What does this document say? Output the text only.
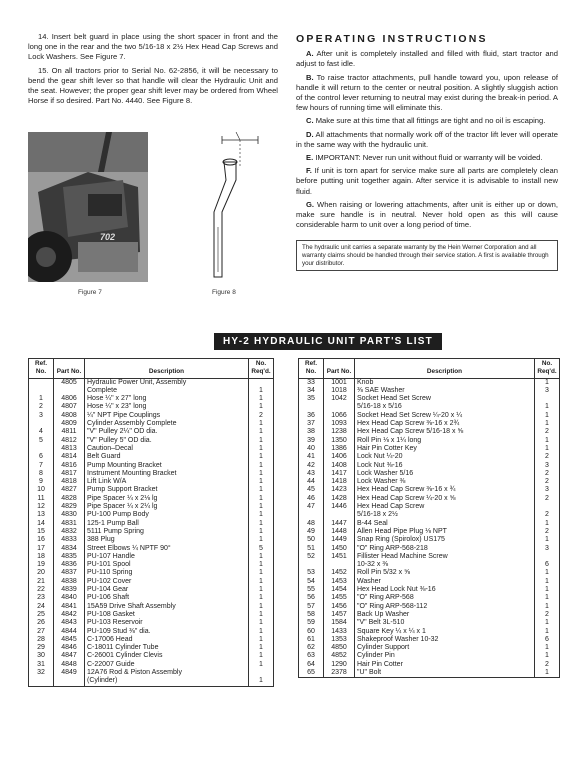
14. Insert belt guard in place using the short spacer in front and the long one in the rear and the two 5/16-18 x 2½ Hex Head Cap Screws and Lock Washers. See Figure 7.

15. On all tractors prior to Serial No. 62-2856, it will be necessary to bend the gear shift lever so that handle will clear the Hydraulic Unit and the seat. However; the proper gear shift lever may be ordered from Wheel Horse if so desired. Part No. 4440. See Figure 8.

702
Figure 7	Figure 8
OPERATING INSTRUCTIONS

A. After unit is completely installed and filled with fluid, start tractor and adjust to fast idle.

B. To raise tractor attachments, pull handle toward you, upon release of handle it will return to the center or neutral position. A slightly sluggish action of the control lever returning to neutral may exist during the break-in period. A few hours of running time will eliminate this.

C. Make sure at this time that all fittings are tight and no oil is escaping.

D. All attachments that normally work off of the tractor lift lever will operate in the same way with the hydraulic unit.

E. IMPORTANT: Never run unit without fluid or warranty will be voided.

F. If unit is torn apart for service make sure all parts are completely clean before putting unit together again. After service it is advisable to install new fluid.

G. When raising or lowering attachments, after unit is either up or down, make sure handle is in neutral. Never hold open as this will cause considerable harm to unit over a long period of time.

The hydraulic unit carries a separate warranty by the Hein Werner Corporation and all warranty claims should be handled through their service station. A first is available through your distributor.
HY-2 HYDRAULIC UNIT PART'S LIST
Ref. No.	Part No.	Description	No. Req'd.
	4805	Hydraulic Power Unit, Assembly	
		Complete	1
1	4806	Hose ¼" x 27" long	1
2	4807	Hose ¼" x 23" long	1
3	4808	¼" NPT Pipe Couplings	2
	4809	Cylinder Assembly Complete	1
4	4811	"V" Pulley 2¼" OD dia.	1
5	4812	"V" Pulley 5" OD dia.	1
	4813	Caution–Decal	1
6	4814	Belt Guard	1
7	4816	Pump Mounting Bracket	1
8	4817	Instrument Mounting Bracket	1
9	4818	Lift Link W/A	1
10	4827	Pump Support Bracket	1
11	4828	Pipe Spacer ¼ x 2⅛ lg	1
12	4829	Pipe Spacer ¼ x 2¼ lg	1
13	4830	PU-100 Pump Body	1
14	4831	125-1 Pump Ball	1
15	4832	5111 Pump Spring	1
16	4833	388 Plug	1
17	4834	Street Elbows ¼ NPTF 90°	5
18	4835	PU-107 Handle	1
19	4836	PU-101 Spool	1
20	4837	PU-110 Spring	1
21	4838	PU-102 Cover	1
22	4839	PU-104 Gear	1
23	4840	PU-106 Shaft	1
24	4841	15A59 Drive Shaft Assembly	1
25	4842	PU-108 Gasket	1
26	4843	PU-103 Reservoir	1
27	4844	PU-109 Stud ⅜" dia.	1
28	4845	C-17006 Head	1
29	4846	C-18011 Cylinder Tube	1
30	4847	C-26001 Cylinder Clevis	1
31	4848	C-22007 Guide	1
32	4849	12A76 Rod & Piston Assembly	
		(Cylinder)	1
Ref. No.	Part No.	Description	No. Req'd.
33	1001	Knob	1
34	1018	⅜ SAE Washer	3
35	1042	Socket Head Set Screw	
		5/16-18 x 5/16	1
36	1066	Socket Head Set Screw ¼-20 x ¼	1
37	1093	Hex Head Cap Screw ⅜-16 x 2¾	1
38	1238	Hex Head Cap Screw 5/16-18 x ⅝	2
39	1350	Roll Pin ⅛ x 1¼ long	1
40	1386	Hair Pin Cotter Key	1
41	1406	Lock Nut ¼-20	2
42	1408	Lock Nut ⅜-16	3
43	1417	Lock Washer 5/16	2
44	1418	Lock Washer ⅜	2
45	1423	Hex Head Cap Screw ⅜-16 x ¾	3
46	1428	Hex Head Cap Screw ¼-20 x ⅝	2
47	1446	Hex Head Cap Screw	
		5/16-18 x 2½	2
48	1447	B-44 Seal	1
49	1448	Allen Head Pipe Plug ⅛ NPT	2
50	1449	Snap Ring (Spirolox) US175	1
51	1450	"O" Ring ARP-568-218	3
52	1451	Fillister Head Machine Screw	
		10-32 x ⅜	6
53	1452	Roll Pin 5/32 x ⅝	1
54	1453	Washer	1
55	1454	Hex Head Lock Nut ⅜-16	1
56	1455	"O" Ring ARP-568	1
57	1456	"O" Ring ARP-568-112	1
58	1457	Back Up Washer	2
59	1584	"V" Belt 3L-510	1
60	1433	Square Key ¼ x ¼ x 1	1
61	1353	Shakeproof Washer 10-32	6
62	4850	Cylinder Support	1
63	4852	Cylinder Pin	1
64	1290	Hair Pin Cotter	2
65	2378	"U" Bolt	1
